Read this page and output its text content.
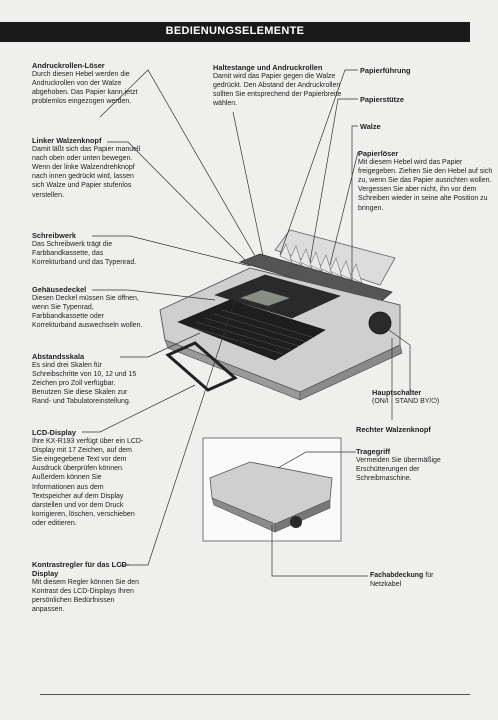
BEDIENUNGSELEMENTE	7
Andruckrollen-Löser
Durch diesen Hebel werden die Andruckrollen von der Walze abgehoben. Das Papier kann jetzt problemlos eingezogen werden.
Linker Walzenknopf
Damit läßt sich das Papier manuell nach oben oder unten bewegen. Wenn der linke Walzendrehknopf nach innen gedrückt wird, lassen sich Walze und Papier stufenlos verstellen.
Schreibwerk
Das Schreibwerk trägt die Farbbandkassette, das Korrekturband und das Typenrad.
Gehäusedeckel
Diesen Deckel müssen Sie öffnen, wenn Sie Typenrad, Farbbandkassette oder Korrekturband auswechseln wollen.
Abstandsskala
Es sind drei Skalen für Schreibschritte von 10, 12 und 15 Zeichen pro Zoll verfügbar. Benutzen Sie diese Skalen zur Rand- und Tabulatoreinstellung.
LCD-Display
Ihre KX-R193 verfügt über ein LCD-Display mit 17 Zeichen, auf dem Sie eingegebene Text vor dem Ausdruck überprüfen können. Außerdem können Sie Informationen aus dem Textspeicher auf dem Display darstellen und vor dem Druck korrigieren, löschen, verschieben oder editieren.
Kontrastregler für das LCD-Display
Mit diesem Regler können Sie den Kontrast des LCD-Displays Ihren persönlichen Bedürfnissen anpassen.
Haltestange und Andruckrollen
Damit wird das Papier gegen die Walze gedrückt. Den Abstand der Andruckrollen sollten Sie entsprechend der Papierbreite wählen.
Papierführung
Papierstütze
Walze
Papierlöser
Mit diesem Hebel wird das Papier freigegeben. Ziehen Sie den Hebel auf sich zu, wenn Sie das Papier ausrichten wollen. Vergessen Sie aber nicht, ihn vor dem Schreiben wieder in seine alte Position zu bringen.
Hauptschalter
(ON/I · STAND BY/⏻)
Rechter Walzenknopf
Tragegriff
Vermeiden Sie übermäßige Erschütterungen der Schreibmaschine.
Fachabdeckung für
Netzkabel
